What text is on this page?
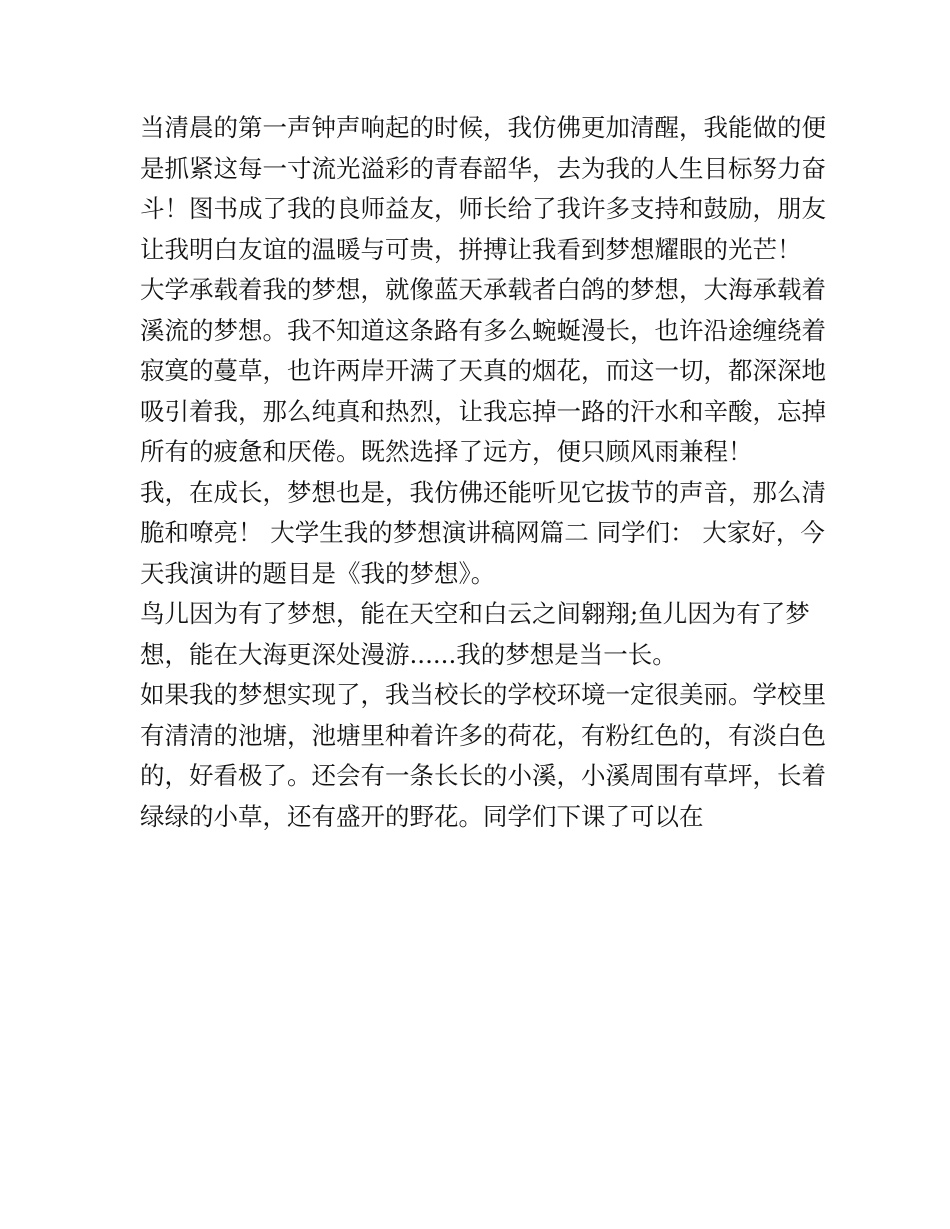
当清晨的第一声钟声响起的时候，我仿佛更加清醒，我能做的便是抓紧这每一寸流光溢彩的青春韶华，去为我的人生目标努力奋斗！图书成了我的良师益友，师长给了我许多支持和鼓励，朋友让我明白友谊的温暖与可贵，拼搏让我看到梦想耀眼的光芒！

大学承载着我的梦想，就像蓝天承载者白鸽的梦想，大海承载着溪流的梦想。我不知道这条路有多么蜿蜒漫长，也许沿途缠绕着寂寞的蔓草，也许两岸开满了天真的烟花，而这一切，都深深地吸引着我，那么纯真和热烈，让我忘掉一路的汗水和辛酸，忘掉所有的疲惫和厌倦。既然选择了远方，便只顾风雨兼程！

我，在成长，梦想也是，我仿佛还能听见它拔节的声音，那么清脆和嘹亮！ 大学生我的梦想演讲稿网篇二 同学们： 大家好，今天我演讲的题目是《我的梦想》。

鸟儿因为有了梦想，能在天空和白云之间翱翔;鱼儿因为有了梦想，能在大海更深处漫游......我的梦想是当一长。

如果我的梦想实现了，我当校长的学校环境一定很美丽。学校里有清清的池塘，池塘里种着许多的荷花，有粉红色的，有淡白色的，好看极了。还会有一条长长的小溪，小溪周围有草坪，长着绿绿的小草，还有盛开的野花。同学们下课了可以在
